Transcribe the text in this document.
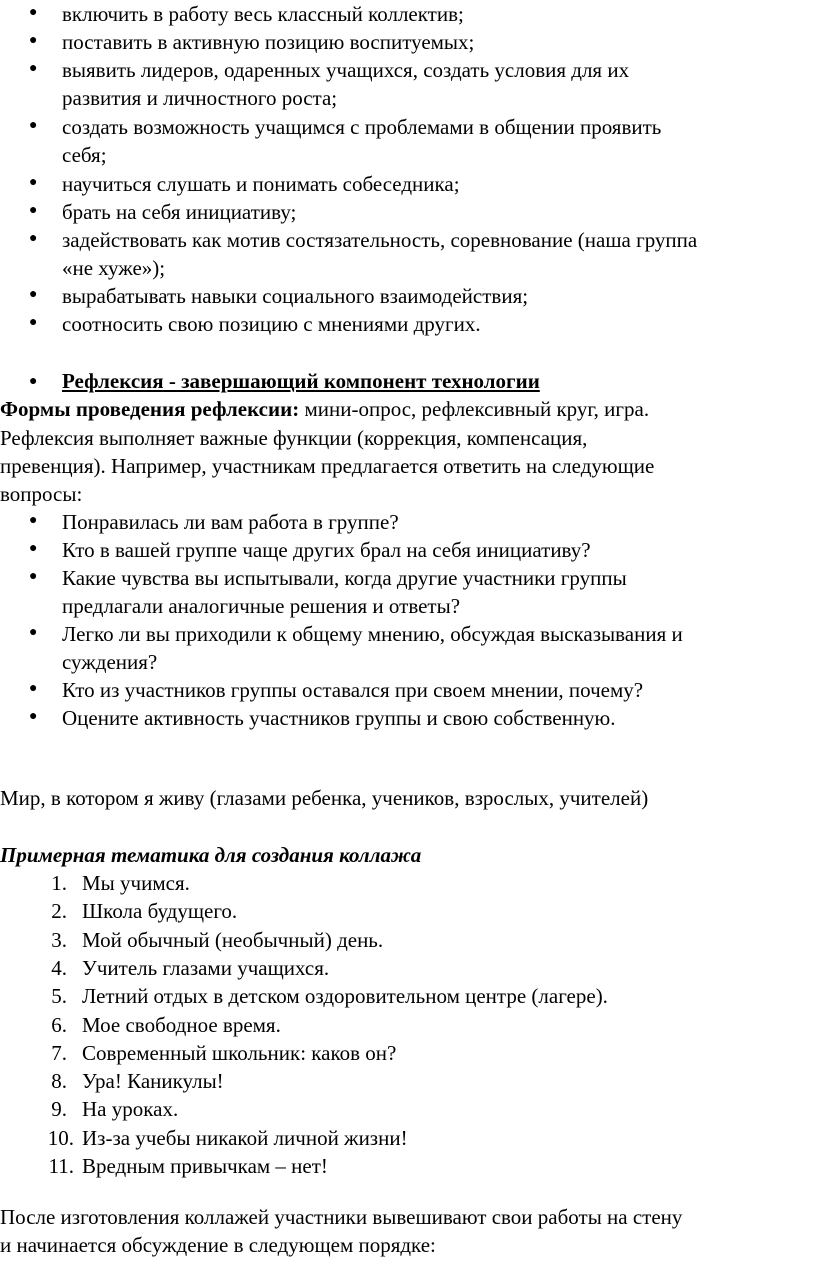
● включить в работу весь классный коллектив;
● поставить в активную позицию воспитуемых;
● выявить лидеров, одаренных учащихся, создать условия для их
развития и личностного роста;
● создать возможность учащимся с проблемами в общении проявить
себя;
● научиться слушать и понимать собеседника;
● брать на себя инициативу;
● задействовать как мотив состязательность, соревнование (наша группа
«не хуже»);
● вырабатывать навыки социального взаимодействия;
● соотносить свою позицию с мнениями других.
● Рефлексия - завершающий компонент технологии
Формы проведения рефлексии: мини-опрос, рефлексивный круг, игра.
Рефлексия выполняет важные функции (коррекция, компенсация,
превенция). Например, участникам предлагается ответить на следующие
вопросы:
● Понравилась ли вам работа в группе?
● Кто в вашей группе чаще других брал на себя инициативу?
● Какие чувства вы испытывали, когда другие участники группы
предлагали аналогичные решения и ответы?
● Легко ли вы приходили к общему мнению, обсуждая высказывания и
суждения?
● Кто из участников группы оставался при своем мнении, почему?
● Оцените активность участников группы и свою собственную.
Мир, в котором я живу (глазами ребенка, учеников, взрослых, учителей)
Примерная тематика для создания коллажа
1. Мы учимся.
2. Школа будущего.
3. Мой обычный (необычный) день.
4. Учитель глазами учащихся.
5. Летний отдых в детском оздоровительном центре (лагере).
6. Мое свободное время.
7. Современный школьник: каков он?
8. Ура! Каникулы!
9. На уроках.
10. Из-за учебы никакой личной жизни!
11. Вредным привычкам – нет!
После изготовления коллажей участники вывешивают свои работы на стену
и начинается обсуждение в следующем порядке:
